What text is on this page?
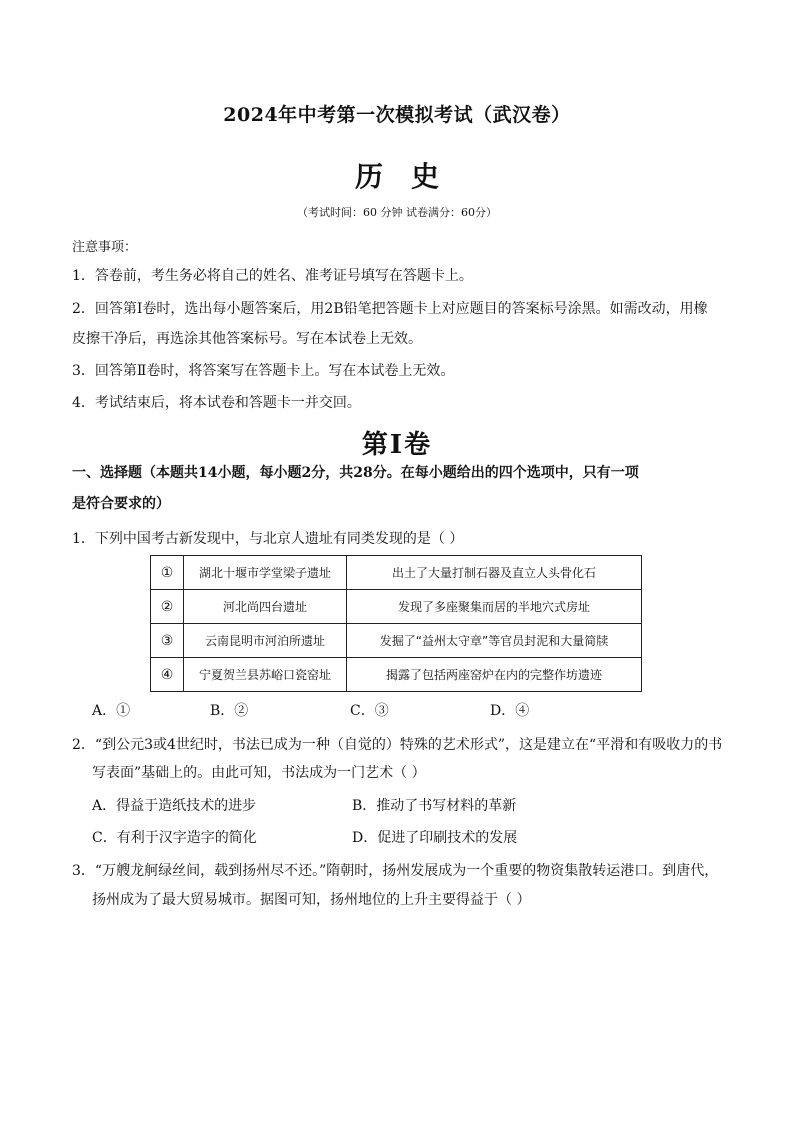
2024年中考第一次模拟考试（武汉卷）
历史
（考试时间：60 分钟 试卷满分：60分）
注意事项：
1．答卷前，考生务必将自己的姓名、准考证号填写在答题卡上。
2．回答第Ⅰ卷时，选出每小题答案后，用2B铅笔把答题卡上对应题目的答案标号涂黑。如需改动，用橡
皮擦干净后，再选涂其他答案标号。写在本试卷上无效。
3．回答第Ⅱ卷时，将答案写在答题卡上。写在本试卷上无效。
4．考试结束后，将本试卷和答题卡一并交回。
第Ⅰ卷
一、选择题（本题共14小题，每小题2分，共28分。在每小题给出的四个选项中，只有一项
是符合要求的）
1．下列中国考古新发现中，与北京人遗址有同类发现的是（ ）
①	湖北十堰市学堂梁子遗址	出土了大量打制石器及直立人头骨化石
②	河北尚四台遗址	发现了多座聚集而居的半地穴式房址
③	云南昆明市河泊所遗址	发掘了“益州太守章”等官员封泥和大量简牍
④	宁夏贺兰县苏峪口瓷窑址	揭露了包括两座窑炉在内的完整作坊遗迹
A．①	B．②	C．③	D．④
2．“到公元3或4世纪时，书法已成为一种（自觉的）特殊的艺术形式”，这是建立在“平滑和有吸收力的书
写表面”基础上的。由此可知，书法成为一门艺术（ ）
A．得益于造纸技术的进步	B．推动了书写材料的革新
C．有利于汉字造字的简化	D．促进了印刷技术的发展
3．“万艘龙舸绿丝间，载到扬州尽不还。”隋朝时，扬州发展成为一个重要的物资集散转运港口。到唐代，
扬州成为了最大贸易城市。据图可知，扬州地位的上升主要得益于（ ）
